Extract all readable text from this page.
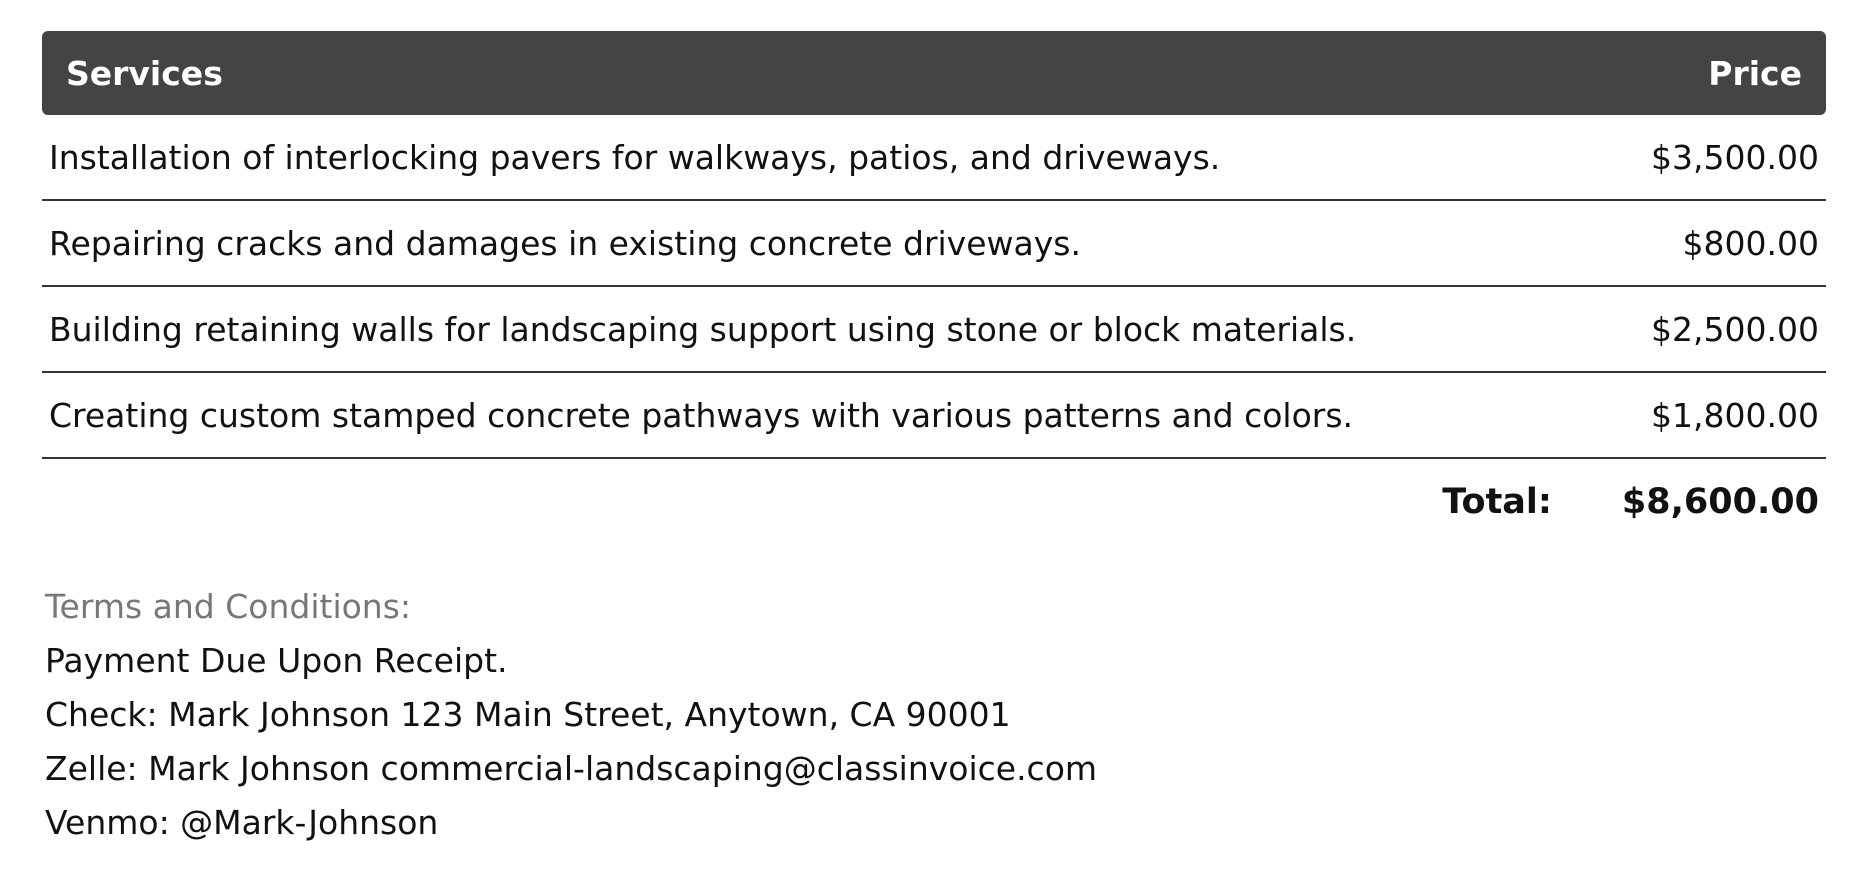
Services	Price
Installation of interlocking pavers for walkways, patios, and driveways.	$3,500.00
Repairing cracks and damages in existing concrete driveways.	$800.00
Building retaining walls for landscaping support using stone or block materials.	$2,500.00
Creating custom stamped concrete pathways with various patterns and colors.	$1,800.00
Total: $8,600.00
Terms and Conditions:
Payment Due Upon Receipt.
Check: Mark Johnson 123 Main Street, Anytown, CA 90001
Zelle: Mark Johnson commercial-landscaping@classinvoice.com
Venmo: @Mark-Johnson
